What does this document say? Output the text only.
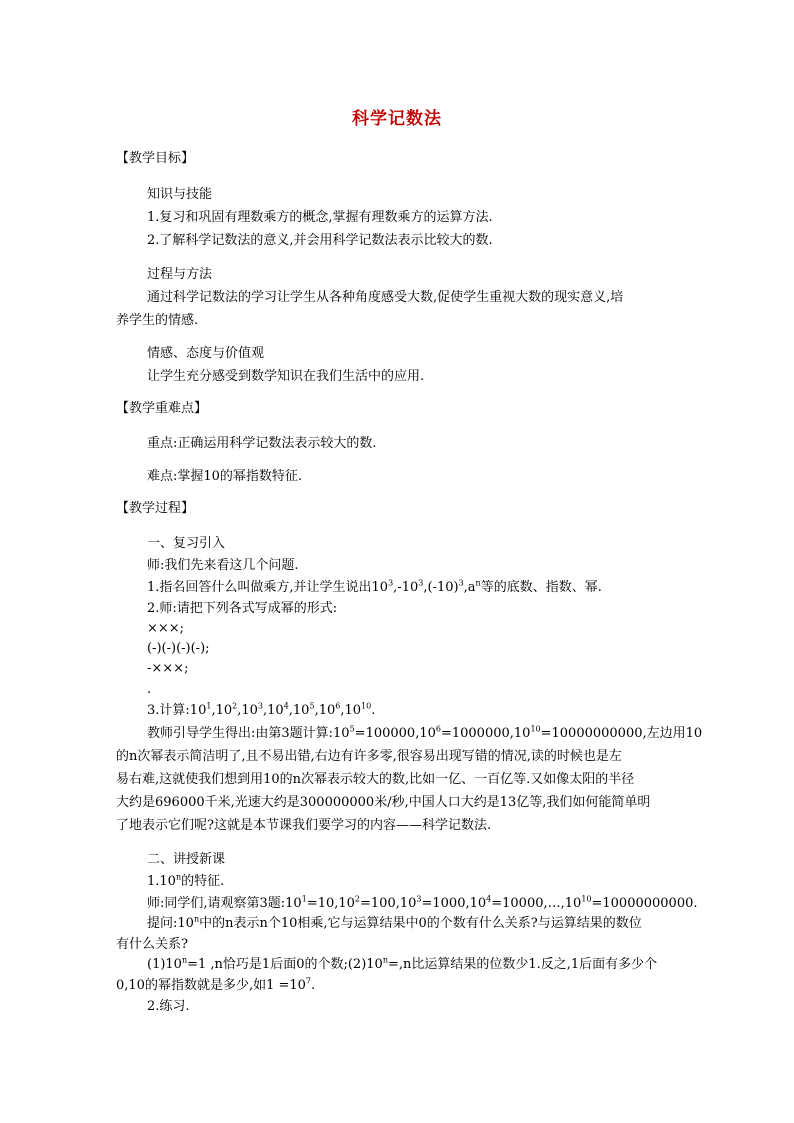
科学记数法
【教学目标】
知识与技能
1.复习和巩固有理数乘方的概念,掌握有理数乘方的运算方法.
2.了解科学记数法的意义,并会用科学记数法表示比较大的数.
过程与方法
通过科学记数法的学习让学生从各种角度感受大数,促使学生重视大数的现实意义,培
养学生的情感.
情感、态度与价值观
让学生充分感受到数学知识在我们生活中的应用.
【教学重难点】
重点:正确运用科学记数法表示较大的数.
难点:掌握10的幂指数特征.
【教学过程】
一、复习引入
师:我们先来看这几个问题.
1.指名回答什么叫做乘方,并让学生说出$10^3,-10^3,(-10)^3,a^n$等的底数、指数、幂.
2.师:请把下列各式写成幂的形式:
×××;
(-)(-)(-)(-);
-×××;
.
3.计算$:10^1,10^2,10^3,10^4,10^5,10^6,10^{10}$.
教师引导学生得出:由第3题计算$:10^5=100000,10^6=1000000,10^{10}=10000000000$,左边用10
的n次幂表示简洁明了,且不易出错,右边有许多零,很容易出现写错的情况,读的时候也是左
易右难,这就使我们想到用10的n次幂表示较大的数,比如一亿、一百亿等.又如像太阳的半径
大约是696000千米,光速大约是300000000米/秒,中国人口大约是13亿等,我们如何能简单明
了地表示它们呢?这就是本节课我们要学习的内容——科学记数法.
二、讲授新课
1.10$^n$的特征.
师:同学们,请观察第3题$:10^1=10,10^2=100,10^3=1000,10^4=10000,\dots,10^{10}=10000000000$.
提问:10$^n$中的n表示n个10相乘,它与运算结果中0的个数有什么关系?与运算结果的数位
有什么关系?
$(1)10^n=1$ ,n恰巧是1后面0的个数$;(2)10^n=,n$比运算结果的位数少1.反之,1后面有多少个
0,10的幂指数就是多少,如$1 =10^7$.
2.练习.
